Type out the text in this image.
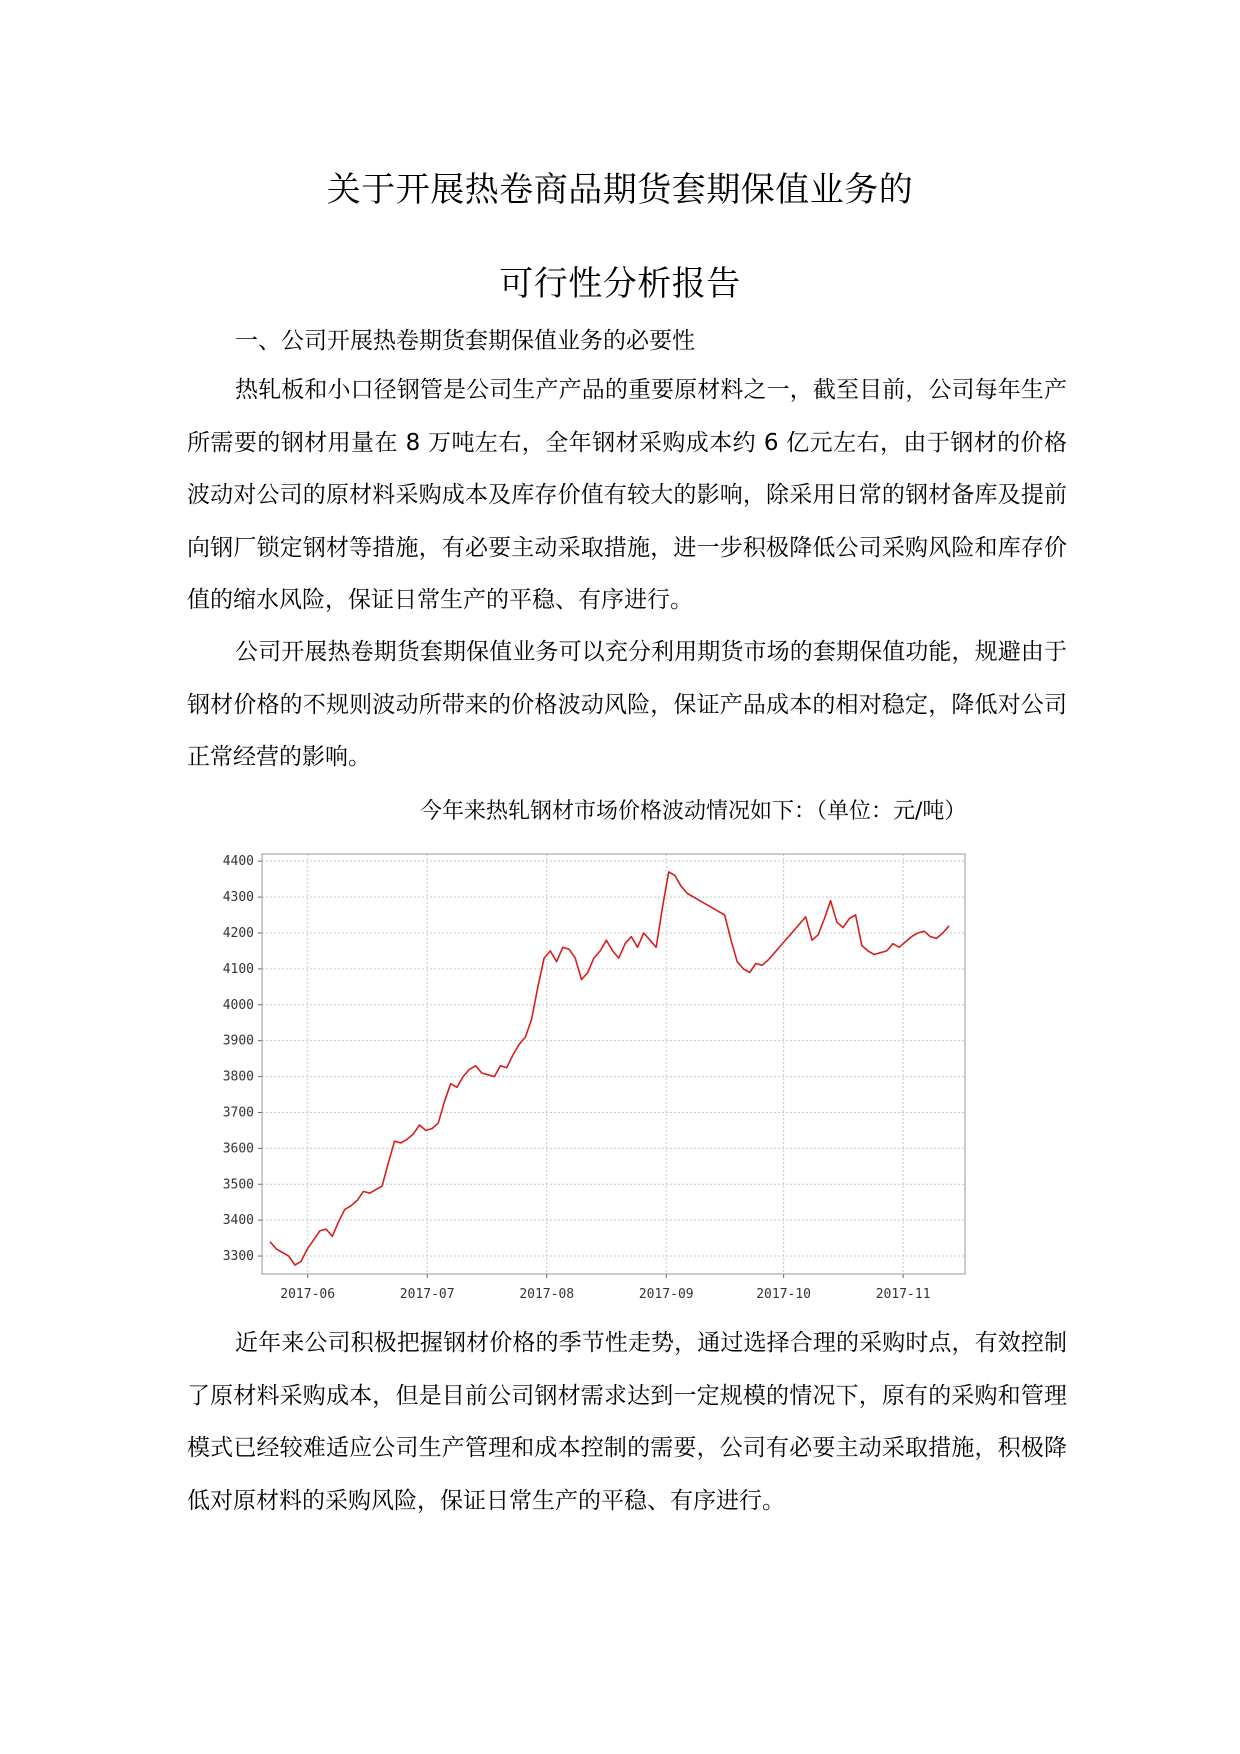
关于开展热卷商品期货套期保值业务的
可行性分析报告
一、公司开展热卷期货套期保值业务的必要性

热轧板和小口径钢管是公司生产产品的重要原材料之一，截至目前，公司每年生产所需要的钢材用量在 8 万吨左右，全年钢材采购成本约 6 亿元左右，由于钢材的价格波动对公司的原材料采购成本及库存价值有较大的影响，除采用日常的钢材备库及提前向钢厂锁定钢材等措施，有必要主动采取措施，进一步积极降低公司采购风险和库存价值的缩水风险，保证日常生产的平稳、有序进行。

公司开展热卷期货套期保值业务可以充分利用期货市场的套期保值功能，规避由于钢材价格的不规则波动所带来的价格波动风险，保证产品成本的相对稳定，降低对公司正常经营的影响。

今年来热轧钢材市场价格波动情况如下：（单位：元/吨）
3300
3400
3500
3600
3700
3800
3900
4000
4100
4200
4300
4400
2017-06	2017-07	2017-08	2017-09	2017-10	2017-11

近年来公司积极把握钢材价格的季节性走势，通过选择合理的采购时点，有效控制了原材料采购成本，但是目前公司钢材需求达到一定规模的情况下，原有的采购和管理模式已经较难适应公司生产管理和成本控制的需要，公司有必要主动采取措施，积极降低对原材料的采购风险，保证日常生产的平稳、有序进行。
